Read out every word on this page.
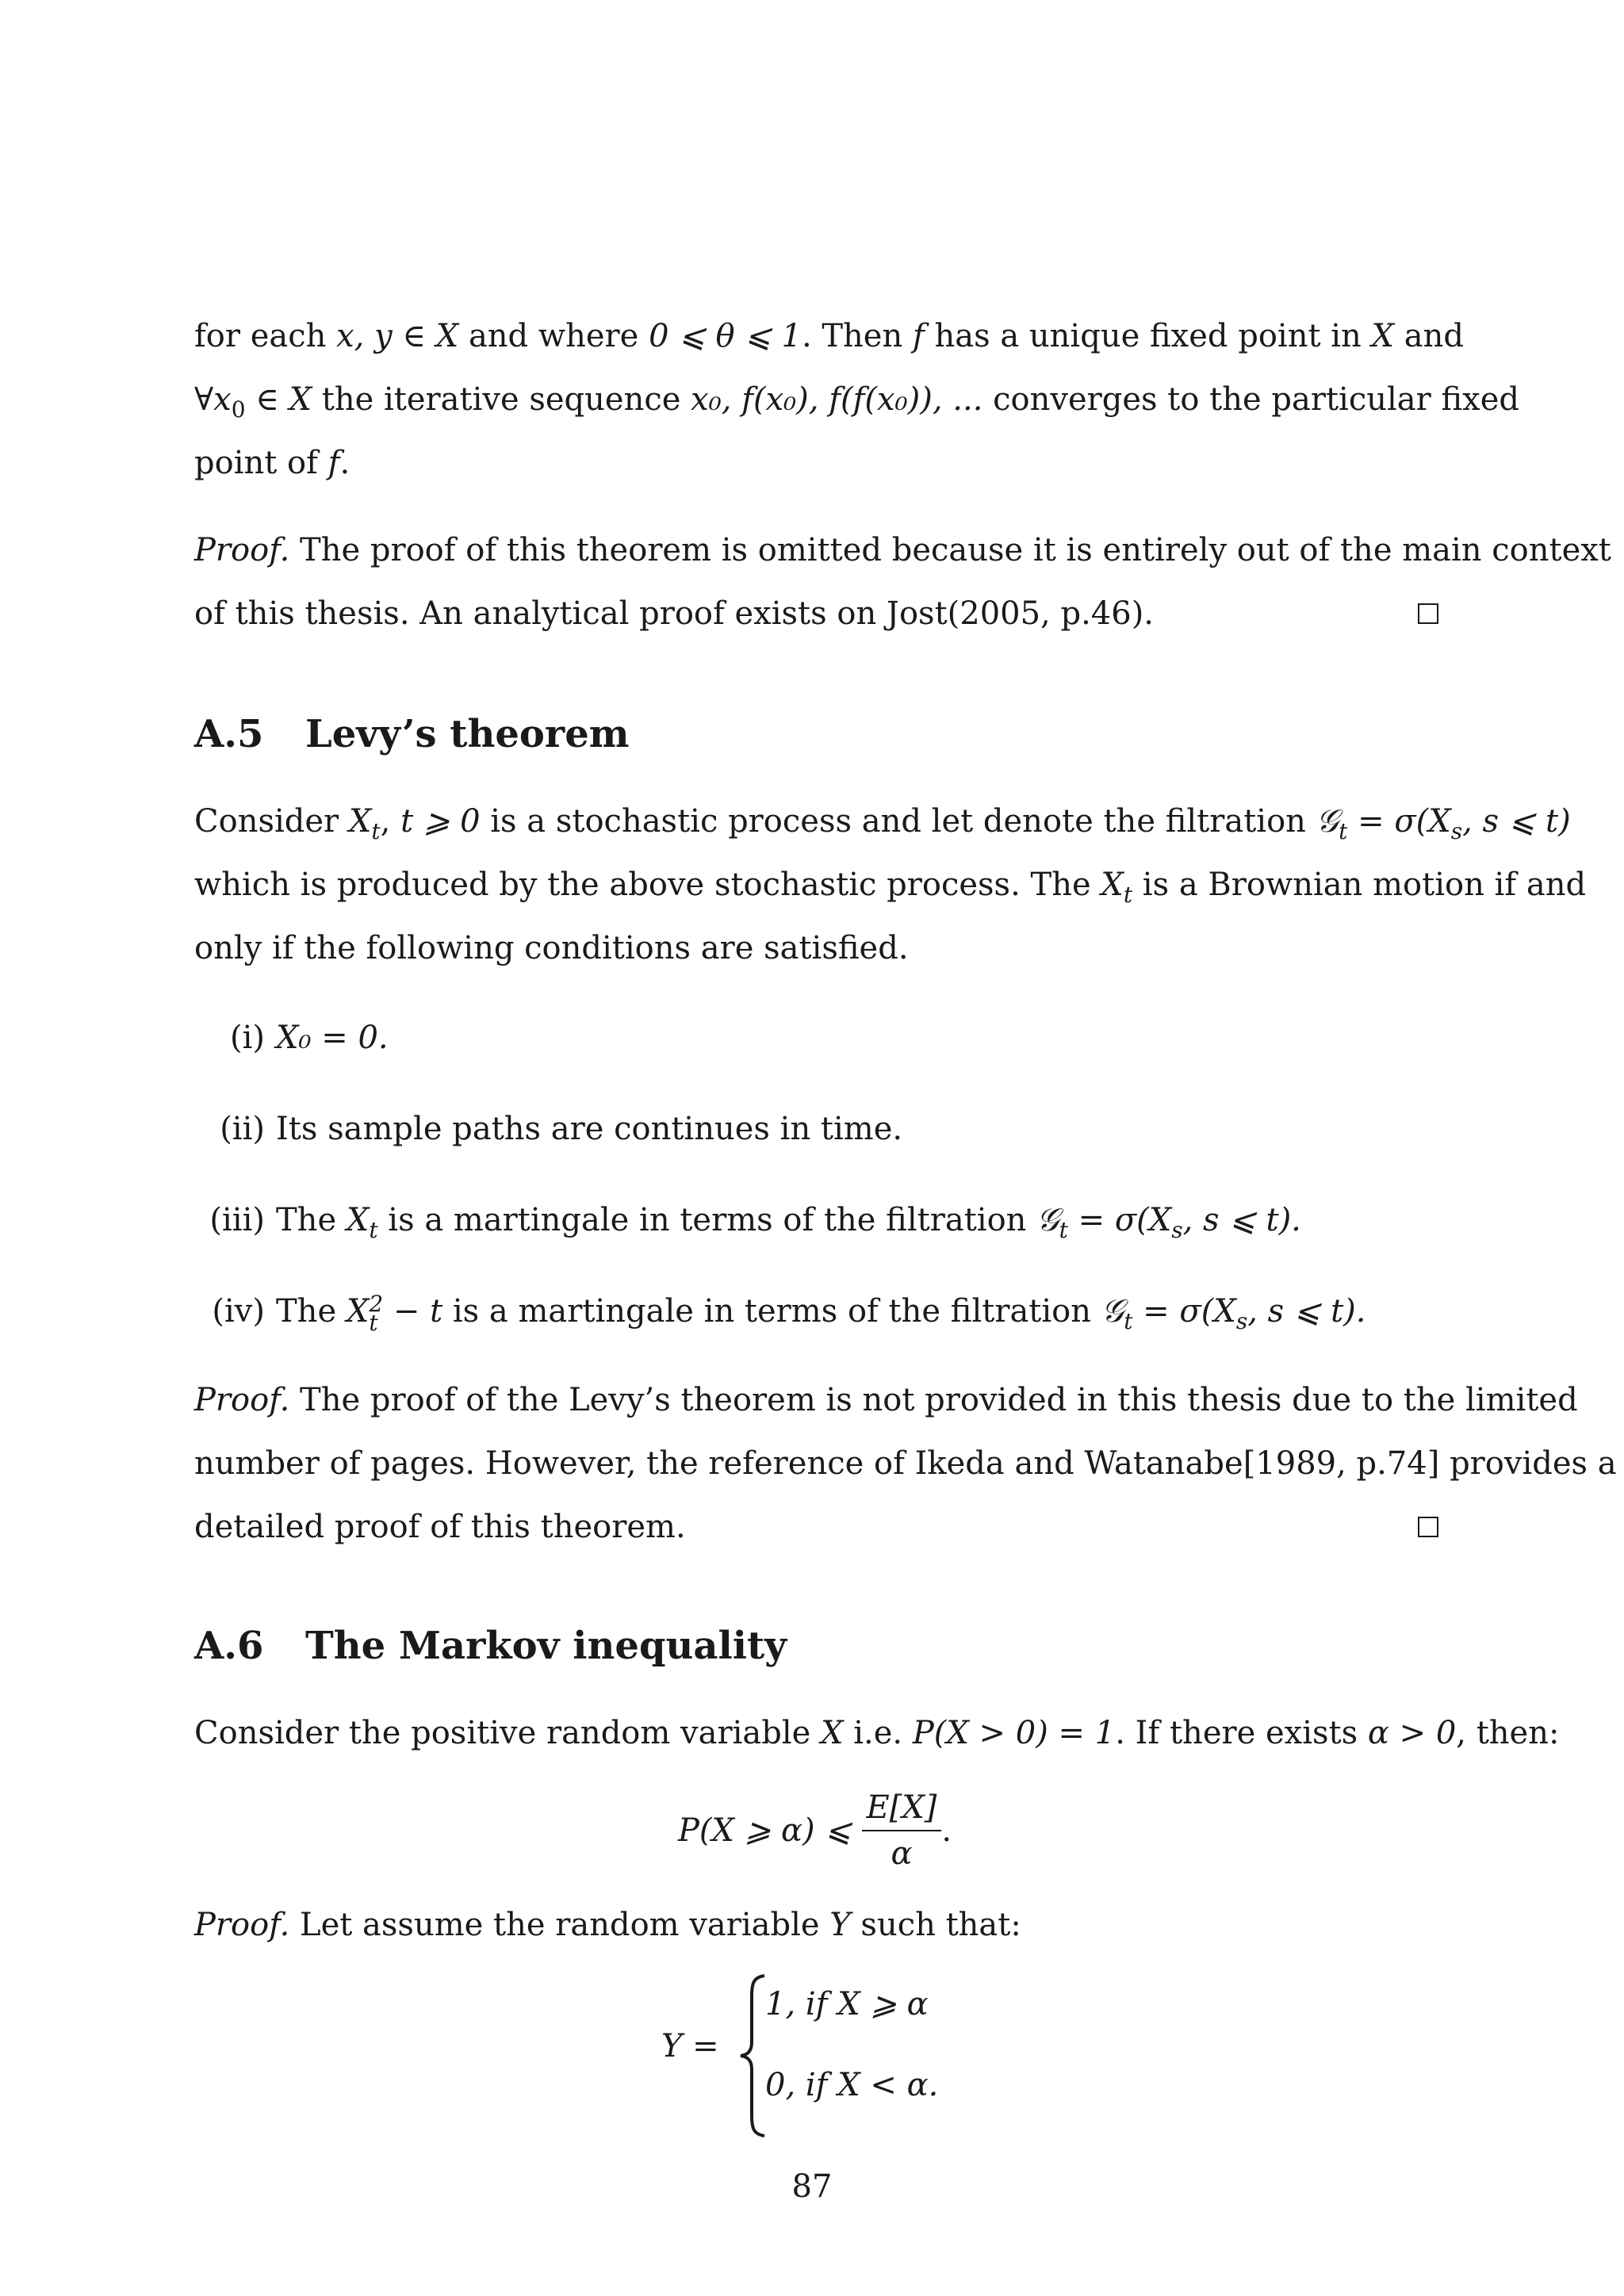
for each x, y ∈ X and where 0 ⩽ θ ⩽ 1. Then f has a unique fixed point in X and
$\forall x_0$ ∈ X the iterative sequence x₀, f(x₀), f(f(x₀)), ... converges to the particular fixed
point of f.
Proof. The proof of this theorem is omitted because it is entirely out of the main context
of this thesis. An analytical proof exists on Jost(2005, p.46).
A.5 Levy’s theorem
Consider $X_t$, t ⩾ 0 is a stochastic process and let denote the filtration 𝒢$_t$ = $\sigma(X_s$, s ⩽ t)
which is produced by the above stochastic process. The $X_t$ is a Brownian motion if and
only if the following conditions are satisfied.
(i) X₀ = 0.
(ii) Its sample paths are continues in time.
(iii) The $X_t$ is a martingale in terms of the filtration 𝒢$_t$ = $\sigma(X_s$, s ⩽ t).
(iv) The X 2
t − t is a martingale in terms of the filtration 𝒢$_t$ = $\sigma(X_s$, s ⩽ t).
Proof. The proof of the Levy’s theorem is not provided in this thesis due to the limited
number of pages. However, the reference of Ikeda and Watanabe[1989, p.74] provides a
detailed proof of this theorem.
A.6 The Markov inequality
Consider the positive random variable X i.e. P(X > 0) = 1. If there exists α > 0, then:
P(X ⩾ α) ⩽ $\frac{E[X]}{\alpha}$ .
Proof. Let assume the random variable Y such that:
Y =
1, if X ⩾ α
0, if X < α.
87
